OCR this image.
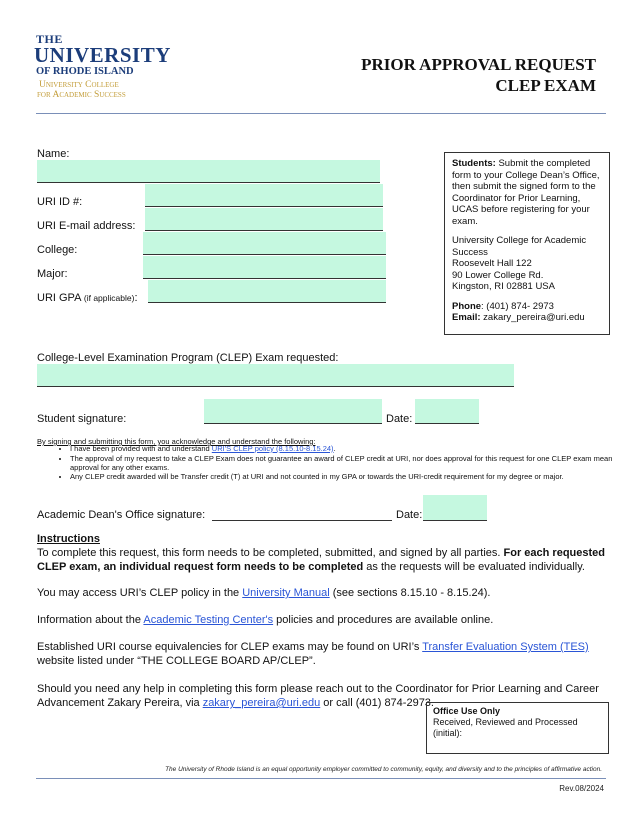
THE
UNIVERSITY
OF RHODE ISLAND
University College
for Academic Success
PRIOR APPROVAL REQUEST
CLEP EXAM
Name:
URI ID #:
URI E-mail address:
College:
Major:
URI GPA (if applicable):

Students: Submit the completed form to your College Dean’s Office, then submit the signed form to the Coordinator for Prior Learning, UCAS before registering for your exam.

University College for Academic Success
Roosevelt Hall 122
90 Lower College Rd.
Kingston, RI 02881 USA

Phone: (401) 874- 2973
Email: zakary_pereira@uri.edu

College-Level Examination Program (CLEP) Exam requested:
Student signature:	Date:
By signing and submitting this form, you acknowledge and understand the following:
• I have been provided with and understand URI'S CLEP policy (8.15.10-8.15.24).
• The approval of my request to take a CLEP Exam does not guarantee an award of CLEP credit at URI, nor does approval for this request for one CLEP exam mean approval for any other exams.
• Any CLEP credit awarded will be Transfer credit (T) at URI and not counted in my GPA or towards the URI-credit requirement for my degree or major.
Academic Dean's Office signature:	Date:

Instructions
To complete this request, this form needs to be completed, submitted, and signed by all parties. For each requested CLEP exam, an individual request form needs to be completed as the requests will be evaluated individually.

You may access URI’s CLEP policy in the University Manual (see sections 8.15.10 - 8.15.24).

Information about the Academic Testing Center's policies and procedures are available online.

Established URI course equivalencies for CLEP exams may be found on URI’s Transfer Evaluation System (TES) website listed under “THE COLLEGE BOARD AP/CLEP”.

Should you need any help in completing this form please reach out to the Coordinator for Prior Learning and Career Advancement Zakary Pereira, via zakary_pereira@uri.edu or call (401) 874-2973.

Office Use Only
Received, Reviewed and Processed (initial):
The University of Rhode Island is an equal opportunity employer committed to community, equity, and diversity and to the principles of affirmative action.
Rev.08/2024
